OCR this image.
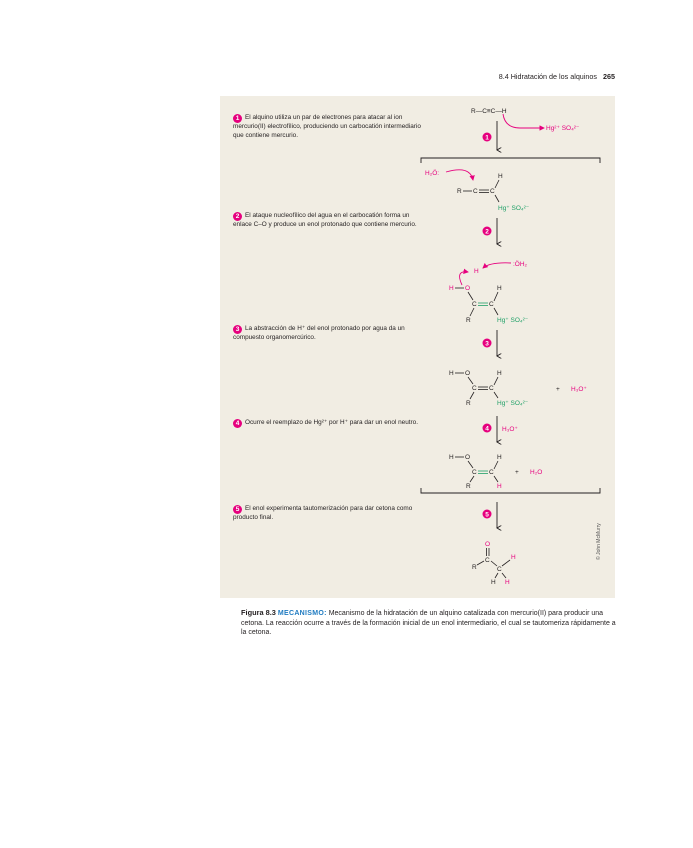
8.4 Hidratación de los alquinos 265
1 El alquino utiliza un par de electrones para atacar al ion mercurio(II) electrofílico, produciendo un carbocatión intermediario que contiene mercurio.
2 El ataque nucleofílico del agua en el carbocatión forma un enlace C–O y produce un enol protonado que contiene mercurio.
3 La abstracción de H⁺ del enol protonado por agua da un compuesto organomercúrico.
4 Ocurre el reemplazo de Hg²⁺ por H⁺ para dar un enol neutro.
5 El enol experimenta tautomerización para dar cetona como producto final.
R—C≡C—H
Hg²⁺ SO₄²⁻
1
H₂Ö:
R C C
H
Hg⁺ SO₄²⁻
2
:ÖH₂
H
H O
C C
R
H
Hg⁺ SO₄²⁻
3
H O
C C
R
H
Hg⁺ SO₄²⁻
+ H₃O⁺
4 H₃O⁺
H O
C C
R
H
H
+ H₂O
5
O
C
R	C
H
H H
© John McMurry
Figura 8.3 MECANISMO: Mecanismo de la hidratación de un alquino catalizada con mercurio(II) para producir una cetona. La reacción ocurre a través de la formación inicial de un enol intermediario, el cual se tautomeriza rápidamente a la cetona.
